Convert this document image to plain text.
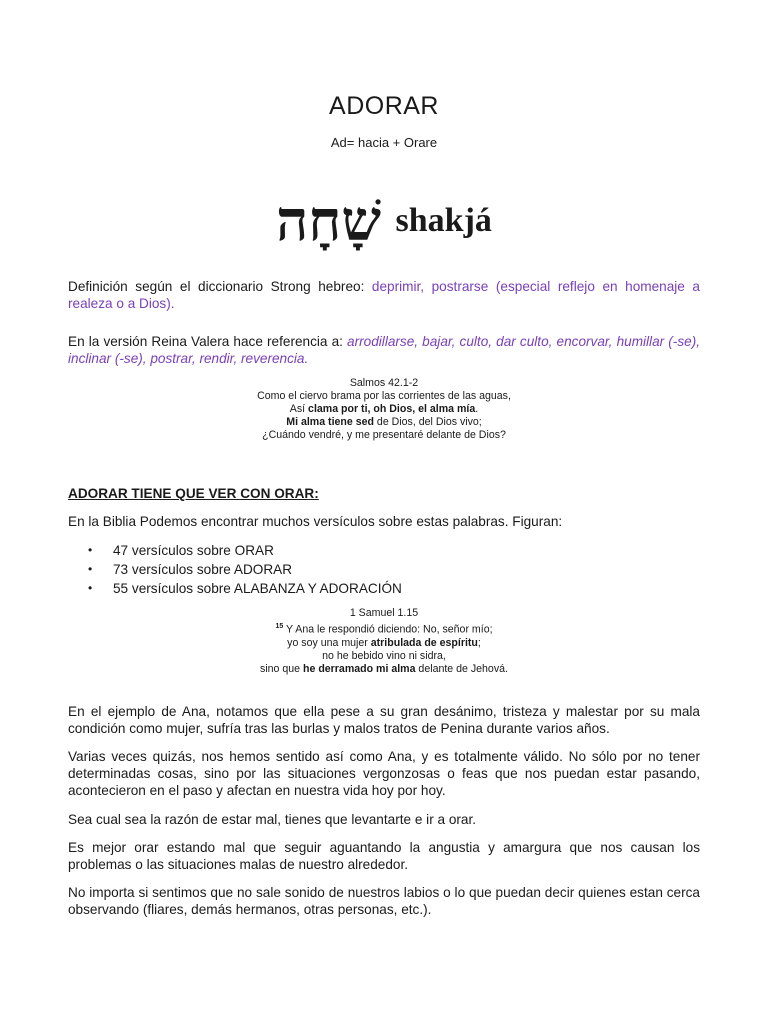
ADORAR
Ad= hacia + Orare
שָׁחָה shakjá

Definición según el diccionario Strong hebreo: deprimir, postrarse (especial reflejo en homenaje a realeza o a Dios).

En la versión Reina Valera hace referencia a: arrodillarse, bajar, culto, dar culto, encorvar, humillar (-se), inclinar (-se), postrar, rendir, reverencia.

Salmos 42.1-2
Como el ciervo brama por las corrientes de las aguas,
Así clama por ti, oh Dios, el alma mía.
Mi alma tiene sed de Dios, del Dios vivo;
¿Cuándo vendré, y me presentaré delante de Dios?
ADORAR TIENE QUE VER CON ORAR:

En la Biblia Podemos encontrar muchos versículos sobre estas palabras. Figuran:

• 47 versículos sobre ORAR
• 73 versículos sobre ADORAR
• 55 versículos sobre ALABANZA Y ADORACIÓN
1 Samuel 1.15
$^{15}$ Y Ana le respondió diciendo: No, señor mío;
yo soy una mujer atribulada de espíritu;
no he bebido vino ni sidra,
sino que he derramado mi alma delante de Jehová.

En el ejemplo de Ana, notamos que ella pese a su gran desánimo, tristeza y malestar por su mala condición como mujer, sufría tras las burlas y malos tratos de Penina durante varios años.

Varias veces quizás, nos hemos sentido así como Ana, y es totalmente válido. No sólo por no tener determinadas cosas, sino por las situaciones vergonzosas o feas que nos puedan estar pasando, acontecieron en el paso y afectan en nuestra vida hoy por hoy.

Sea cual sea la razón de estar mal, tienes que levantarte e ir a orar.

Es mejor orar estando mal que seguir aguantando la angustia y amargura que nos causan los problemas o las situaciones malas de nuestro alrededor.

No importa si sentimos que no sale sonido de nuestros labios o lo que puedan decir quienes estan cerca observando (fliares, demás hermanos, otras personas, etc.).
